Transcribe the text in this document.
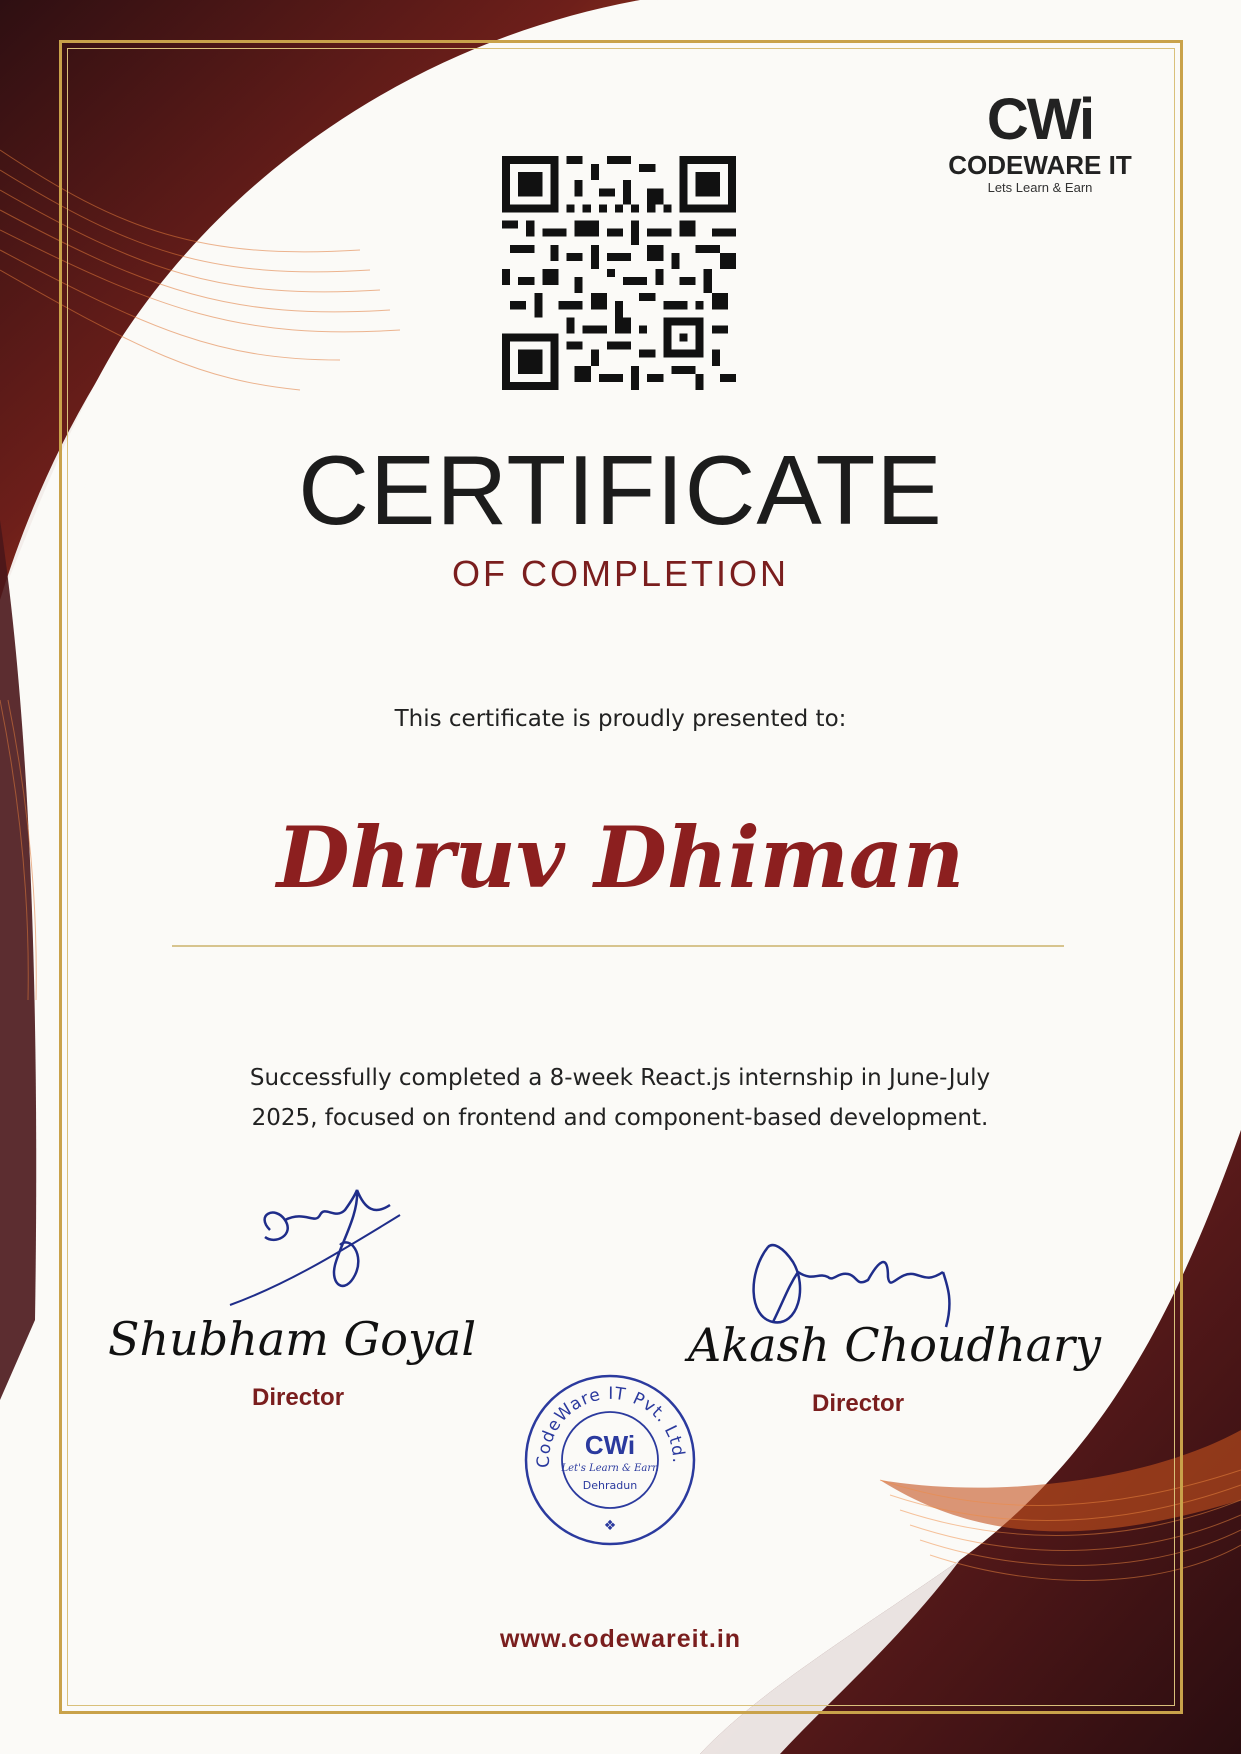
CWi
CODEWARE IT
Lets Learn & Earn
CERTIFICATE
OF COMPLETION
This certificate is proudly presented to:
Dhruv Dhiman
Successfully completed a 8-week React.js internship in June-July
2025, focused on frontend and component-based development.
Shubham Goyal
Director
Akash Choudhary
Director
CodeWare IT Pvt. Ltd.
CWi
Let's Learn & Earn
Dehradun
❖
www.codewareit.in
